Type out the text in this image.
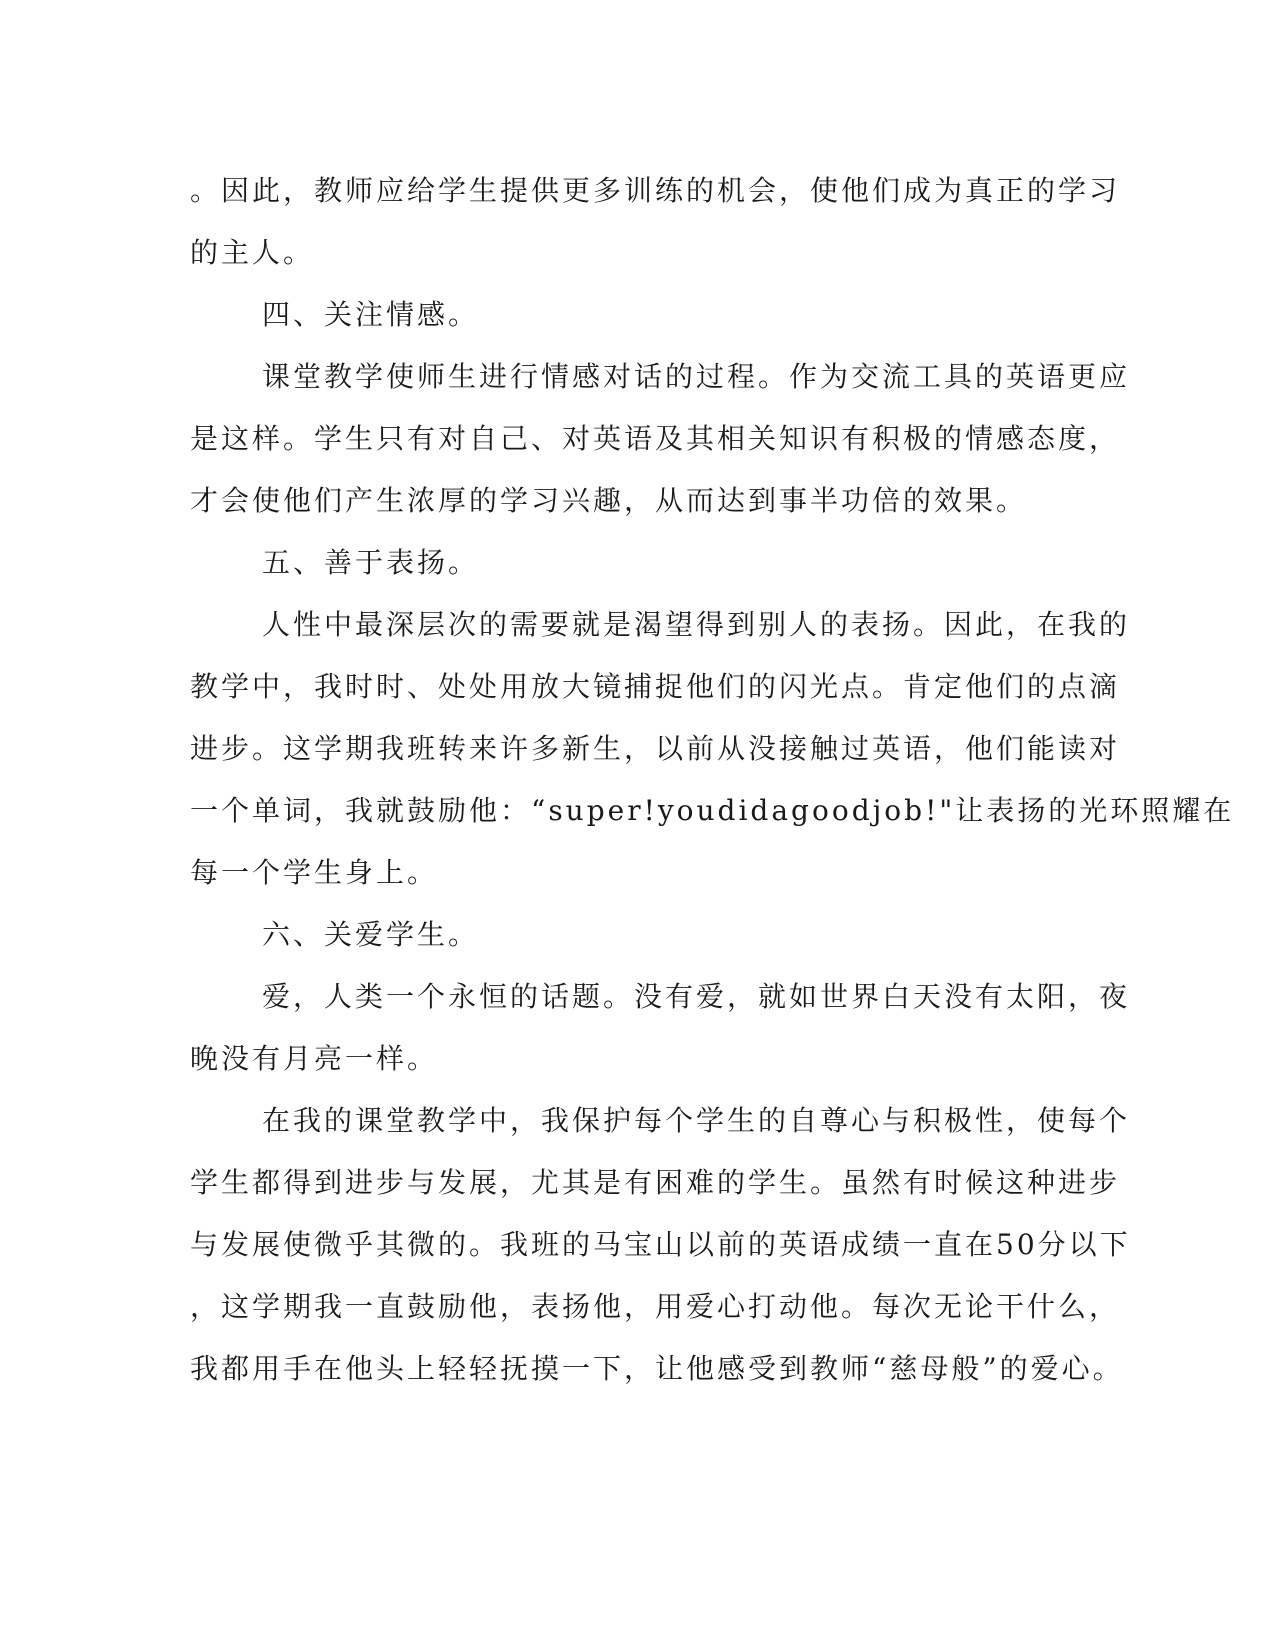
。因此，教师应给学生提供更多训练的机会，使他们成为真正的学习
的主人。

四、关注情感。

课堂教学使师生进行情感对话的过程。作为交流工具的英语更应
是这样。学生只有对自己、对英语及其相关知识有积极的情感态度，
才会使他们产生浓厚的学习兴趣，从而达到事半功倍的效果。

五、善于表扬。

人性中最深层次的需要就是渴望得到别人的表扬。因此，在我的
教学中，我时时、处处用放大镜捕捉他们的闪光点。肯定他们的点滴
进步。这学期我班转来许多新生，以前从没接触过英语，他们能读对
一个单词，我就鼓励他：“super!youdidagoodjob!"让表扬的光环照耀在
每一个学生身上。

六、关爱学生。

爱，人类一个永恒的话题。没有爱，就如世界白天没有太阳，夜
晚没有月亮一样。

在我的课堂教学中，我保护每个学生的自尊心与积极性，使每个
学生都得到进步与发展，尤其是有困难的学生。虽然有时候这种进步
与发展使微乎其微的。我班的马宝山以前的英语成绩一直在50分以下
，这学期我一直鼓励他，表扬他，用爱心打动他。每次无论干什么，
我都用手在他头上轻轻抚摸一下，让他感受到教师“慈母般”的爱心。
